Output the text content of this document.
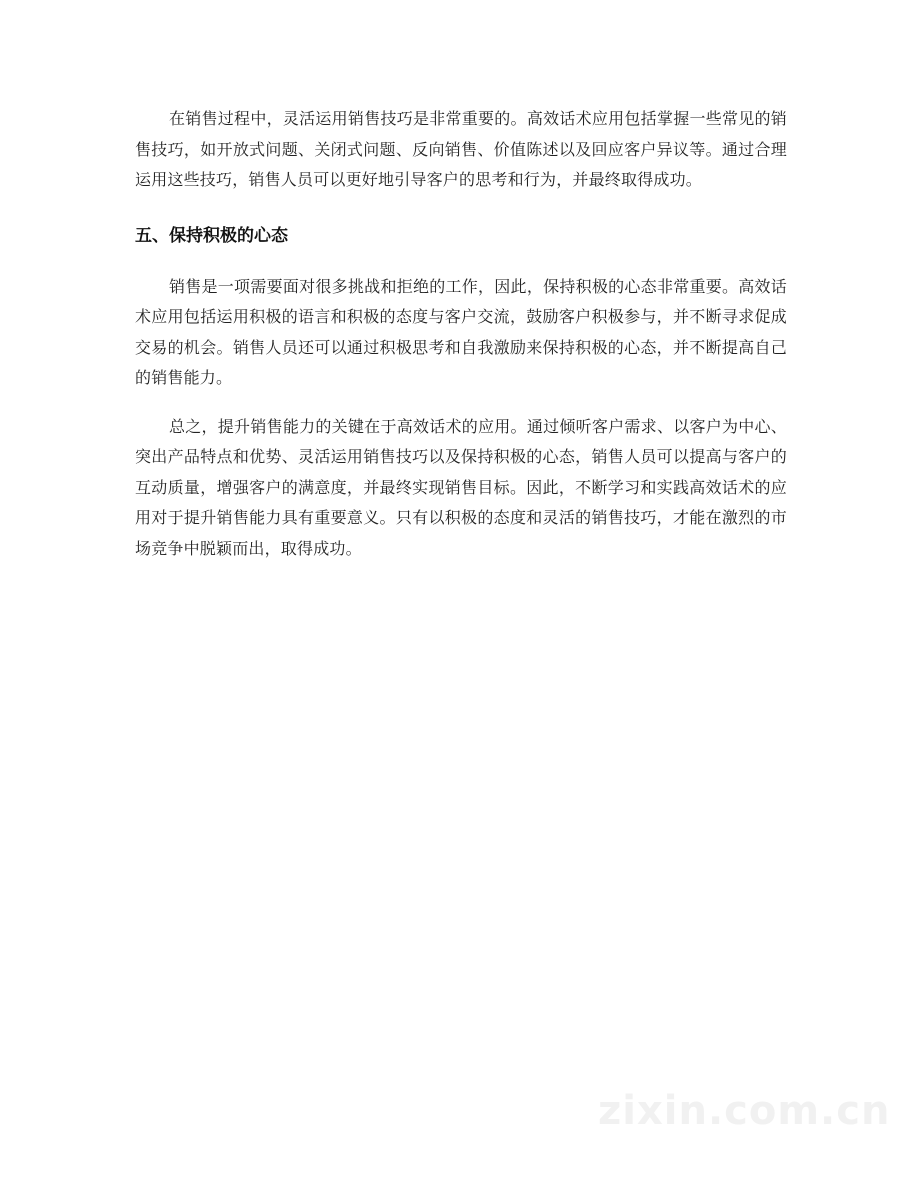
在销售过程中，灵活运用销售技巧是非常重要的。高效话术应用包括掌握一些常见的销售技巧，如开放式问题、关闭式问题、反向销售、价值陈述以及回应客户异议等。通过合理运用这些技巧，销售人员可以更好地引导客户的思考和行为，并最终取得成功。

五、保持积极的心态

销售是一项需要面对很多挑战和拒绝的工作，因此，保持积极的心态非常重要。高效话术应用包括运用积极的语言和积极的态度与客户交流，鼓励客户积极参与，并不断寻求促成交易的机会。销售人员还可以通过积极思考和自我激励来保持积极的心态，并不断提高自己的销售能力。

总之，提升销售能力的关键在于高效话术的应用。通过倾听客户需求、以客户为中心、突出产品特点和优势、灵活运用销售技巧以及保持积极的心态，销售人员可以提高与客户的互动质量，增强客户的满意度，并最终实现销售目标。因此，不断学习和实践高效话术的应用对于提升销售能力具有重要意义。只有以积极的态度和灵活的销售技巧，才能在激烈的市场竞争中脱颖而出，取得成功。

zixin.com.cn
